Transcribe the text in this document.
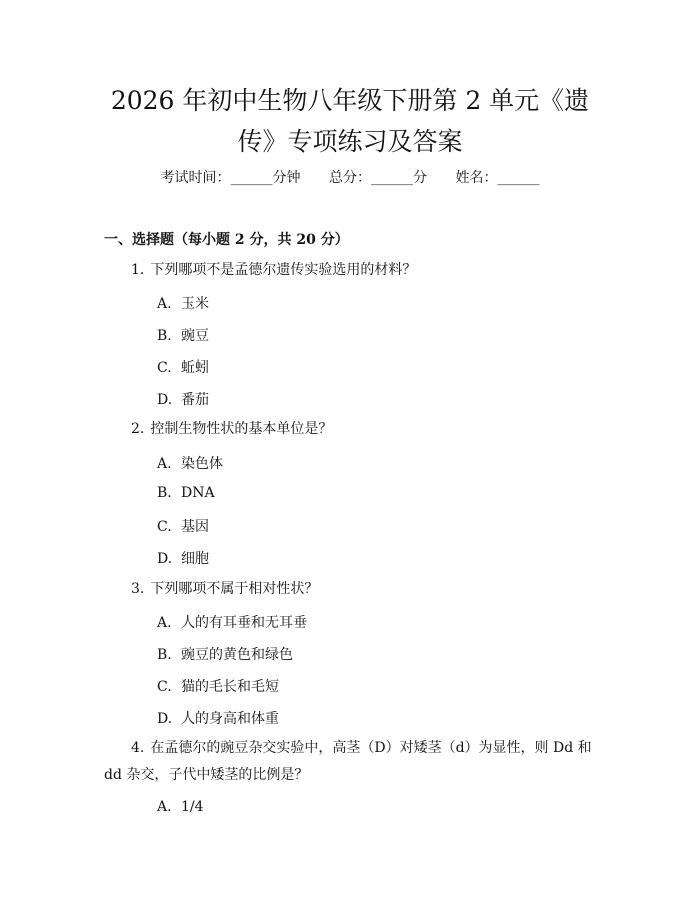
2026 年初中生物八年级下册第 2 单元《遗
传》专项练习及答案
考试时间：______分钟 总分：______分 姓名：______
一、选择题（每小题 2 分，共 20 分）
1. 下列哪项不是孟德尔遗传实验选用的材料？
A. 玉米
B. 豌豆
C. 蚯蚓
D. 番茄
2. 控制生物性状的基本单位是？
A. 染色体
B. DNA
C. 基因
D. 细胞
3. 下列哪项不属于相对性状？
A. 人的有耳垂和无耳垂
B. 豌豆的黄色和绿色
C. 猫的毛长和毛短
D. 人的身高和体重
4. 在孟德尔的豌豆杂交实验中，高茎（D）对矮茎（d）为显性，则 Dd 和 dd 杂交，子代中矮茎的比例是？
A. 1/4
